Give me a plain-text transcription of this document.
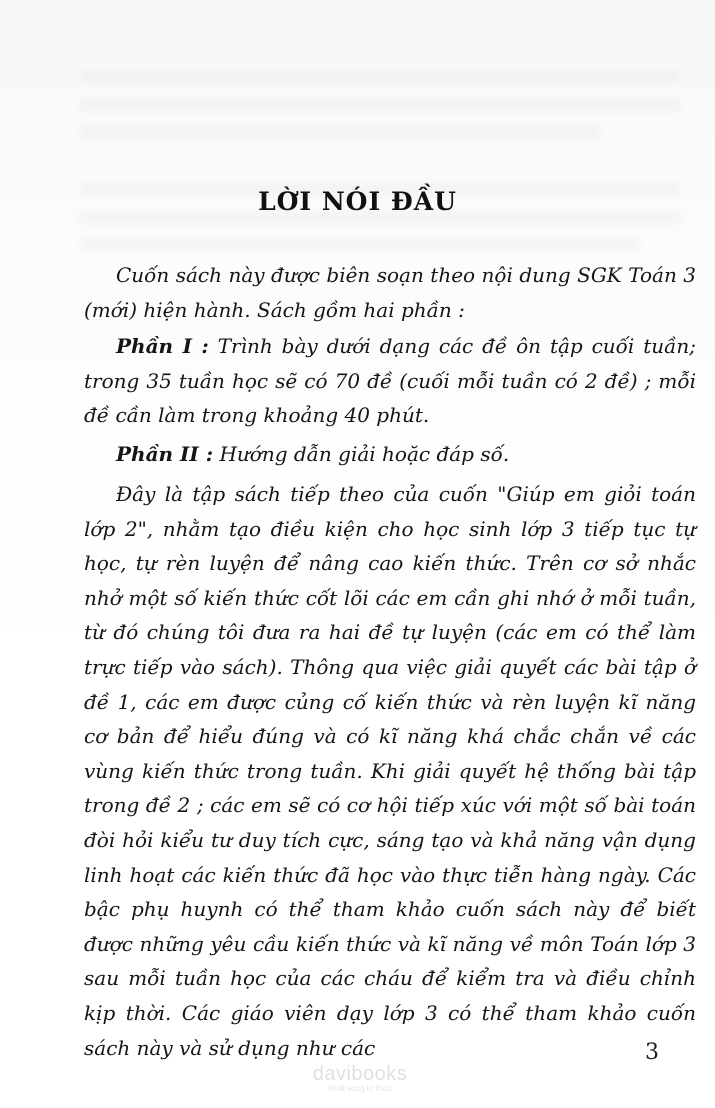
LỜI NÓI ĐẦU

Cuốn sách này được biên soạn theo nội dung SGK Toán 3 (mới) hiện hành. Sách gồm hai phần :

Phần I : Trình bày dưới dạng các đề ôn tập cuối tuần; trong 35 tuần học sẽ có 70 đề (cuối mỗi tuần có 2 đề) ; mỗi đề cần làm trong khoảng 40 phút.

Phần II : Hướng dẫn giải hoặc đáp số.

Đây là tập sách tiếp theo của cuốn "Giúp em giỏi toán lớp 2", nhằm tạo điều kiện cho học sinh lớp 3 tiếp tục tự học, tự rèn luyện để nâng cao kiến thức. Trên cơ sở nhắc nhở một số kiến thức cốt lõi các em cần ghi nhớ ở mỗi tuần, từ đó chúng tôi đưa ra hai đề tự luyện (các em có thể làm trực tiếp vào sách). Thông qua việc giải quyết các bài tập ở đề 1, các em được củng cố kiến thức và rèn luyện kĩ năng cơ bản để hiểu đúng và có kĩ năng khá chắc chắn về các vùng kiến thức trong tuần. Khi giải quyết hệ thống bài tập trong đề 2 ; các em sẽ có cơ hội tiếp xúc với một số bài toán đòi hỏi kiểu tư duy tích cực, sáng tạo và khả năng vận dụng linh hoạt các kiến thức đã học vào thực tiễn hàng ngày. Các bậc phụ huynh có thể tham khảo cuốn sách này để biết được những yêu cầu kiến thức và kĩ năng về môn Toán lớp 3 sau mỗi tuần học của các cháu để kiểm tra và điều chỉnh kịp thời. Các giáo viên dạy lớp 3 có thể tham khảo cuốn sách này và sử dụng như các	3
davibooks
Khát vọng tri thức
